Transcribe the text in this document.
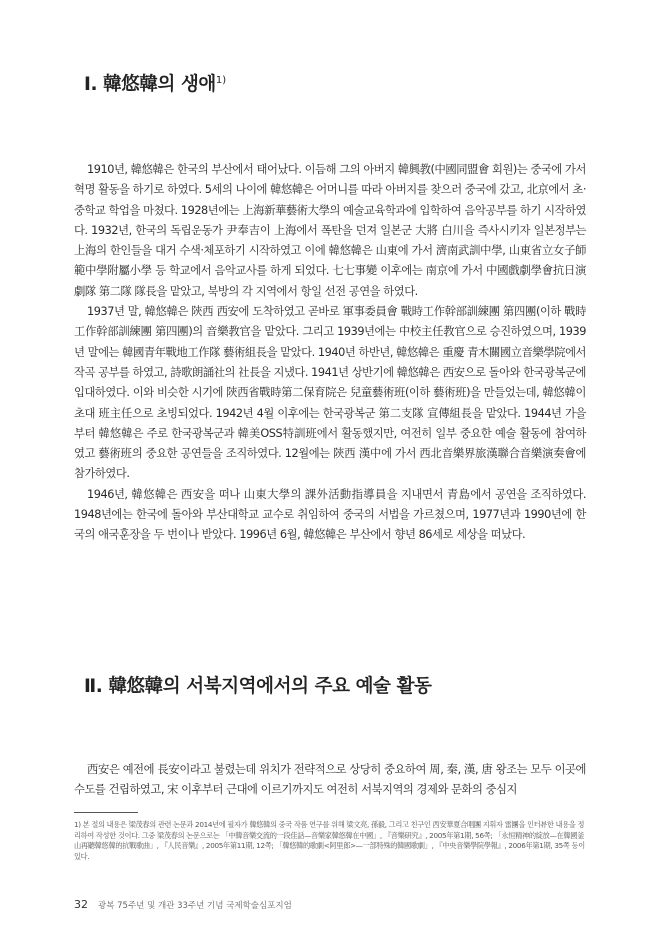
Ⅰ. 韓悠韓의 생애$^{1)}$

1910년, 韓悠韓은 한국의 부산에서 태어났다. 이듬해 그의 아버지 韓興教(中國同盟會 회원)는 중국에 가서 혁명 활동을 하기로 하였다. 5세의 나이에 韓悠韓은 어머니를 따라 아버지를 찾으러 중국에 갔고, 北京에서 초·중학교 학업을 마쳤다. 1928년에는 上海新華藝術大學의 예술교육학과에 입학하여 음악공부를 하기 시작하였다. 1932년, 한국의 독립운동가 尹奉吉이 上海에서 폭탄을 던져 일본군 大將 白川을 즉사시키자 일본정부는 上海의 한인들을 대거 수색·체포하기 시작하였고 이에 韓悠韓은 山東에 가서 濟南武訓中學, 山東省立女子師範中學附屬小學 등 학교에서 음악교사를 하게 되었다. 七七事變 이후에는 南京에 가서 中國戲劇學會抗日演劇隊 第二隊 隊長을 맡았고, 북방의 각 지역에서 항일 선전 공연을 하였다.

1937년 말, 韓悠韓은 陝西 西安에 도착하였고 곧바로 軍事委員會 戰時工作幹部訓練團 第四團(이하 戰時工作幹部訓練團 第四團)의 音樂教官을 맡았다. 그리고 1939년에는 中校主任教官으로 승진하였으며, 1939년 말에는 韓國青年戰地工作隊 藝術組長을 맡았다. 1940년 하반년, 韓悠韓은 重慶 青木關國立音樂學院에서 작곡 공부를 하였고, 詩歌朗誦社의 社長을 지냈다. 1941년 상반기에 韓悠韓은 西安으로 돌아와 한국광복군에 입대하였다. 이와 비슷한 시기에 陝西省戰時第二保育院은 兒童藝術班(이하 藝術班)을 만들었는데, 韓悠韓이 초대 班主任으로 초빙되었다. 1942년 4월 이후에는 한국광복군 第二支隊 宣傳組長을 맡았다. 1944년 가을부터 韓悠韓은 주로 한국광복군과 韓美OSS特訓班에서 활동했지만, 여전히 일부 중요한 예술 활동에 참여하였고 藝術班의 중요한 공연들을 조직하였다. 12월에는 陝西 漢中에 가서 西北音樂界旅漢聯合音樂演奏會에 참가하였다.

1946년, 韓悠韓은 西安을 떠나 山東大學의 課外活動指導員을 지내면서 青島에서 공연을 조직하였다. 1948년에는 한국에 돌아와 부산대학교 교수로 취임하여 중국의 서법을 가르쳤으며, 1977년과 1990년에 한국의 애국훈장을 두 번이나 받았다. 1996년 6월, 韓悠韓은 부산에서 향년 86세로 세상을 떠났다.

Ⅱ. 韓悠韓의 서북지역에서의 주요 예술 활동

西安은 예전에 長安이라고 불렸는데 위치가 전략적으로 상당히 중요하여 周, 秦, 漢, 唐 왕조는 모두 이곳에 수도를 건립하였고, 宋 이후부터 근대에 이르기까지도 여전히 서북지역의 경제와 문화의 중심지

1) 본 절의 내용은 梁茂春의 관련 논문과 2014년에 필자가 韓悠韓의 중국 작품 연구를 위해 梁文亮, 孫毅, 그리고 친구인 西安華夏合唱團 지휘자 雷團을 인터뷰한 내용을 정리하여 작성한 것이다. 그중 梁茂春의 논문으로는 「中韓音樂交流的一段佳話—音樂家韓悠韓在中國」, 『音樂研究』, 2005年第1期, 56쪽; 「永恒精神的綻放—在韓國釜山再聽韓悠韓的抗戰歌曲」, 『人民音樂』, 2005年第11期, 12쪽; 「韓悠韓的歌劇<阿里郎>—一部特殊的韓國歌劇」, 『中央音樂學院學報』, 2006年第1期, 35쪽 등이 있다.

32 광복 75주년 및 개관 33주년 기념 국제학술심포지엄
